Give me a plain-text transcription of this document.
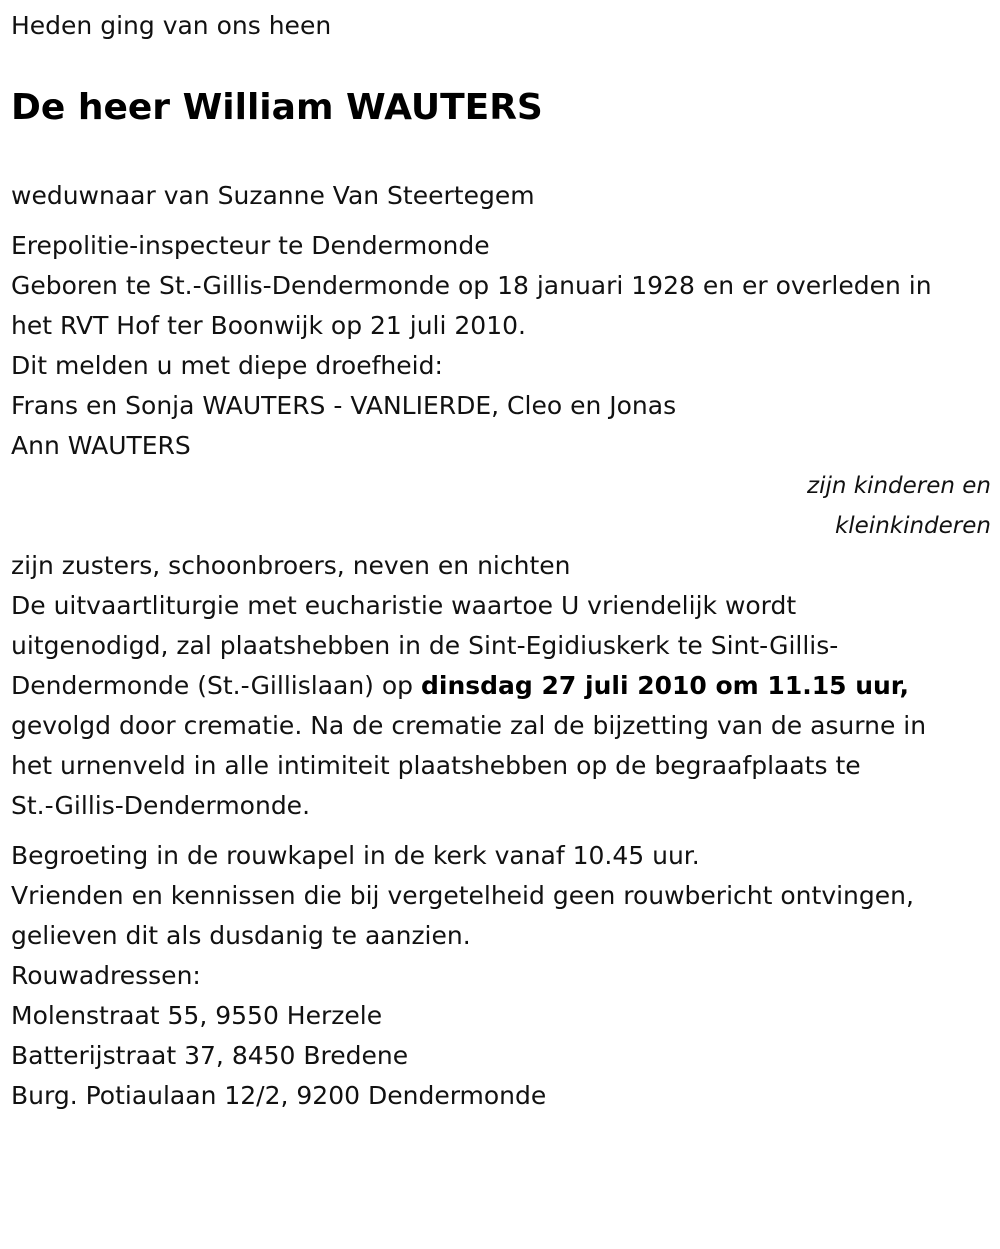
Heden ging van ons heen

De heer William WAUTERS

weduwnaar van Suzanne Van Steertegem

Erepolitie-inspecteur te Dendermonde

Geboren te St.-Gillis-Dendermonde op 18 januari 1928 en er overleden in
het RVT Hof ter Boonwijk op 21 juli 2010.
Dit melden u met diepe droefheid:
Frans en Sonja WAUTERS - VANLIERDE, Cleo en Jonas
Ann WAUTERS
zijn kinderen en
kleinkinderen
zijn zusters, schoonbroers, neven en nichten
De uitvaartliturgie met eucharistie waartoe U vriendelijk wordt
uitgenodigd, zal plaatshebben in de Sint-Egidiuskerk te Sint-Gillis-
Dendermonde (St.-Gillislaan) op dinsdag 27 juli 2010 om 11.15 uur,
gevolgd door crematie. Na de crematie zal de bijzetting van de asurne in
het urnenveld in alle intimiteit plaatshebben op de begraafplaats te
St.-Gillis-Dendermonde.

Begroeting in de rouwkapel in de kerk vanaf 10.45 uur.

Vrienden en kennissen die bij vergetelheid geen rouwbericht ontvingen,
gelieven dit als dusdanig te aanzien.
Rouwadressen:
Molenstraat 55, 9550 Herzele
Batterijstraat 37, 8450 Bredene
Burg. Potiaulaan 12/2, 9200 Dendermonde
